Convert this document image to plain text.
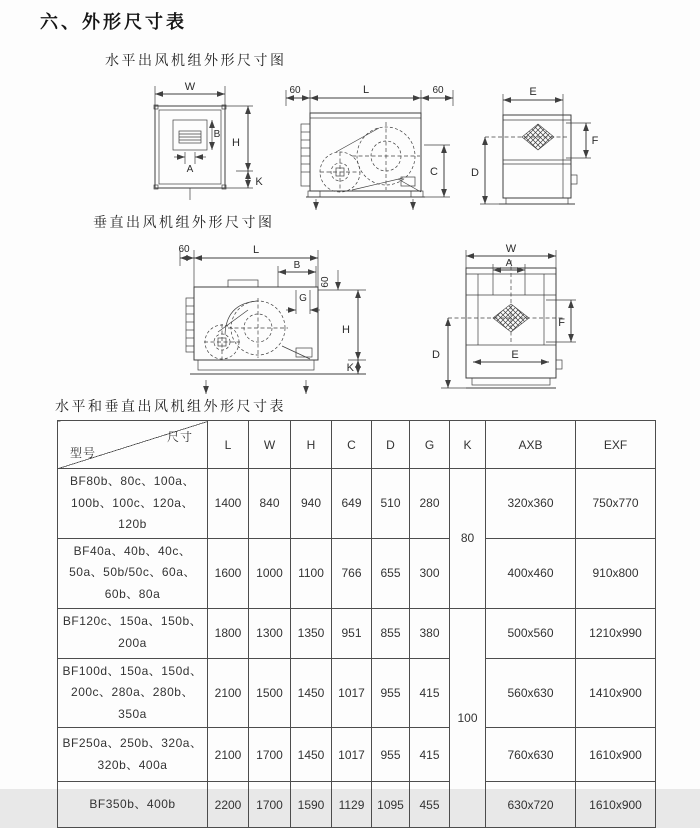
六、外形尺寸表
水平出风机组外形尺寸图
W
B
A
H
K
60	L	60
C
E
F
D
垂直出风机组外形尺寸图
60	L
B
60
G
H
K
W
A
F
E
D
水平和垂直出风机组外形尺寸表
尺寸
型号	L	W	H	C	D	G	K	AXB	EXF
BF80b、80c、100a、100b、100c、120a、120b	1400	840	940	649	510	280	80	320x360	750x770
BF40a、40b、40c、50a、50b/50c、60a、60b、80a	1600	1000	1100	766	655	300		400x460	910x800
BF120c、150a、150b、200a	1800	1300	1350	951	855	380	100	500x560	1210x990
BF100d、150a、150d、200c、280a、280b、350a	2100	1500	1450	1017	955	415		560x630	1410x900
BF250a、250b、320a、320b、400a	2100	1700	1450	1017	955	415		760x630	1610x900
BF350b、400b	2200	1700	1590	1129	1095	455		630x720	1610x900
